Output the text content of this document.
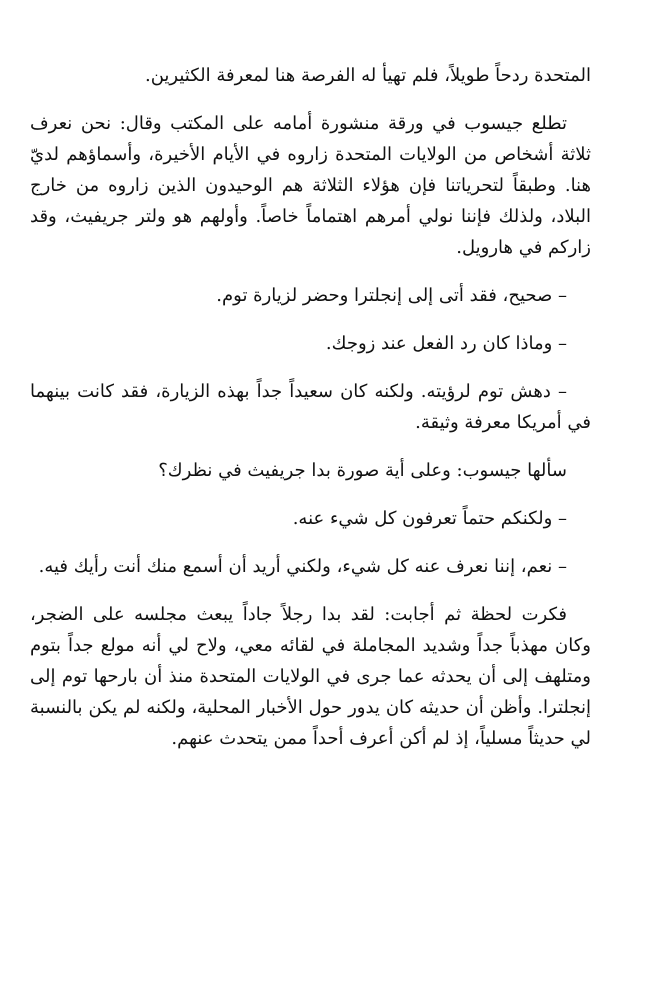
المتحدة ردحاً طويلاً، فلم تهيأ له الفرصة هنا لمعرفة الكثيرين.

تطلع جيسوب في ورقة منشورة أمامه على المكتب وقال: نحن نعرف ثلاثة أشخاص من الولايات المتحدة زاروه في الأيام الأخيرة، وأسماؤهم لديّ هنا. وطبقاً لتحرياتنا فإن هؤلاء الثلاثة هم الوحيدون الذين زاروه من خارج البلاد، ولذلك فإننا نولي أمرهم اهتماماً خاصاً. وأولهم هو ولتر جريفيث، وقد زاركم في هارويل.

– صحيح، فقد أتى إلى إنجلترا وحضر لزيارة توم.

– وماذا كان رد الفعل عند زوجك.

– دهش توم لرؤيته. ولكنه كان سعيداً جداً بهذه الزيارة، فقد كانت بينهما في أمريكا معرفة وثيقة.

سألها جيسوب: وعلى أية صورة بدا جريفيث في نظرك؟

– ولكنكم حتماً تعرفون كل شيء عنه.

– نعم، إننا نعرف عنه كل شيء، ولكني أريد أن أسمع منك أنت رأيك فيه.

فكرت لحظة ثم أجابت: لقد بدا رجلاً جاداً يبعث مجلسه على الضجر، وكان مهذباً جداً وشديد المجاملة في لقائه معي، ولاح لي أنه مولع جداً بتوم ومتلهف إلى أن يحدثه عما جرى في الولايات المتحدة منذ أن بارحها توم إلى إنجلترا. وأظن أن حديثه كان يدور حول الأخبار المحلية، ولكنه لم يكن بالنسبة لي حديثاً مسلياً، إذ لم أكن أعرف أحداً ممن يتحدث عنهم.
